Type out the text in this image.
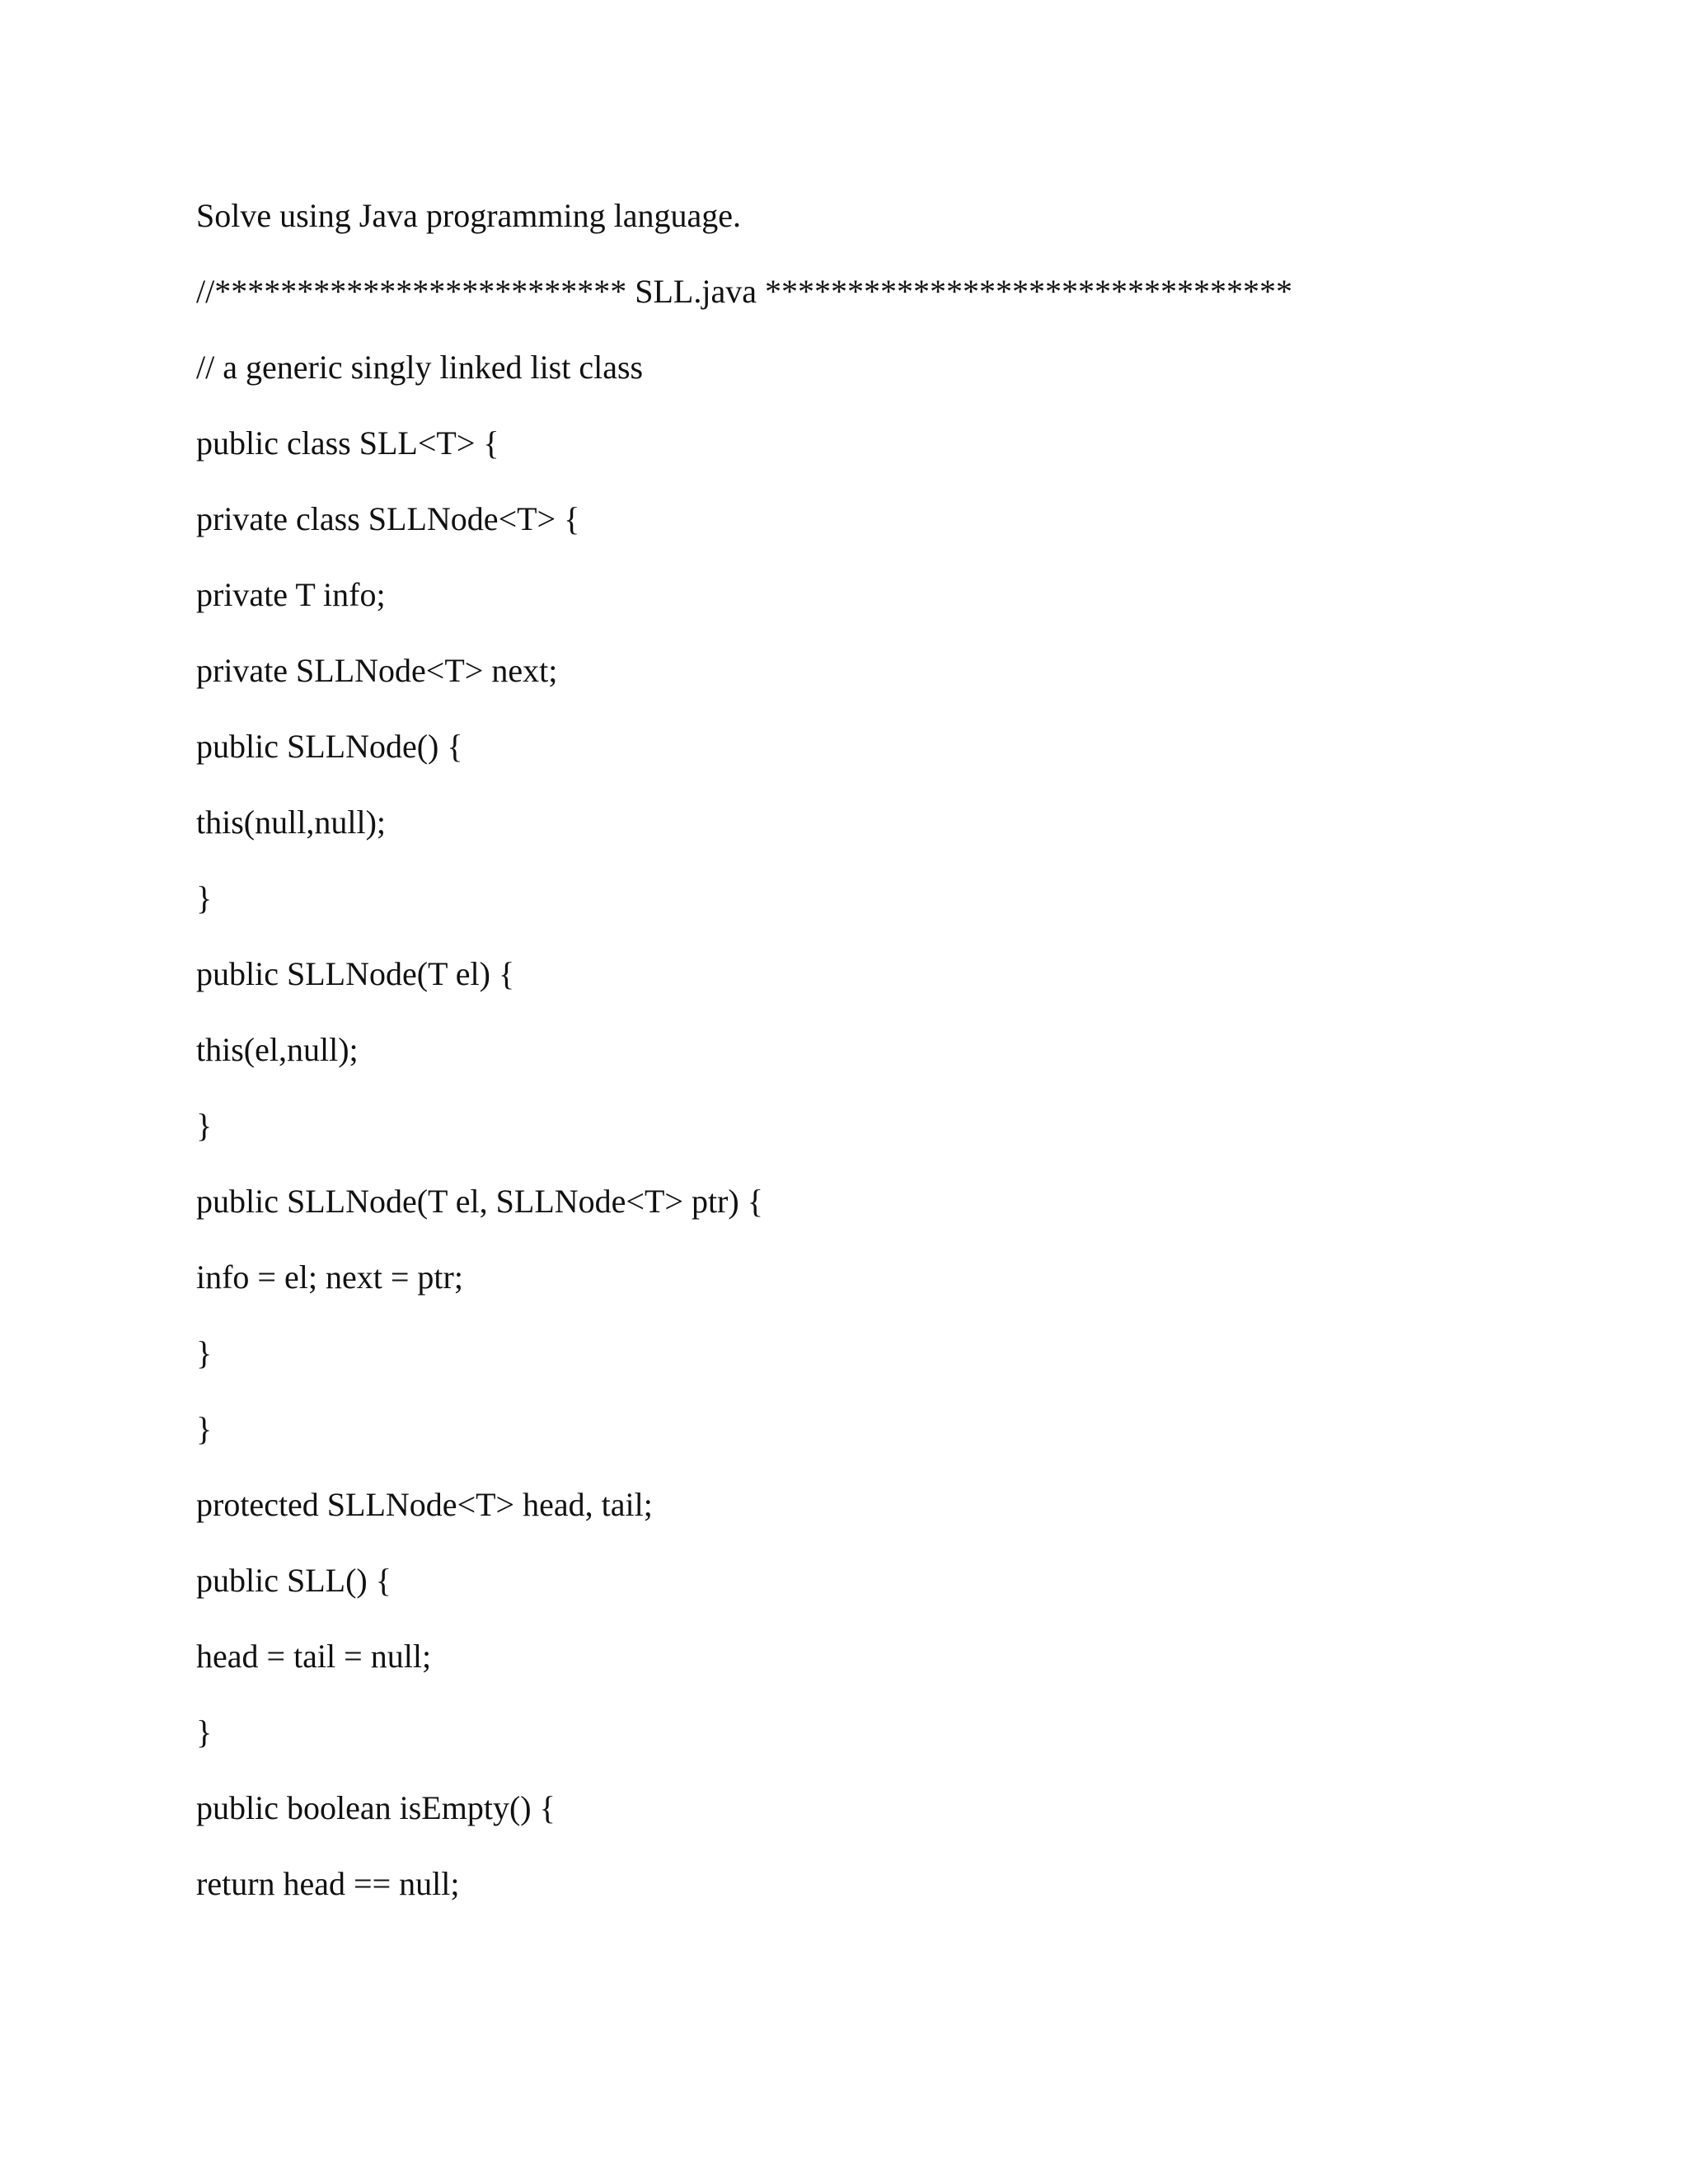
Solve using Java programming language.

//************************* SLL.java ********************************

// a generic singly linked list class

public class SLL<T> {

private class SLLNode<T> {

private T info;

private SLLNode<T> next;

public SLLNode() {

this(null,null);

}

public SLLNode(T el) {

this(el,null);

}

public SLLNode(T el, SLLNode<T> ptr) {

info = el; next = ptr;

}

}

protected SLLNode<T> head, tail;

public SLL() {

head = tail = null;

}

public boolean isEmpty() {

return head == null;
